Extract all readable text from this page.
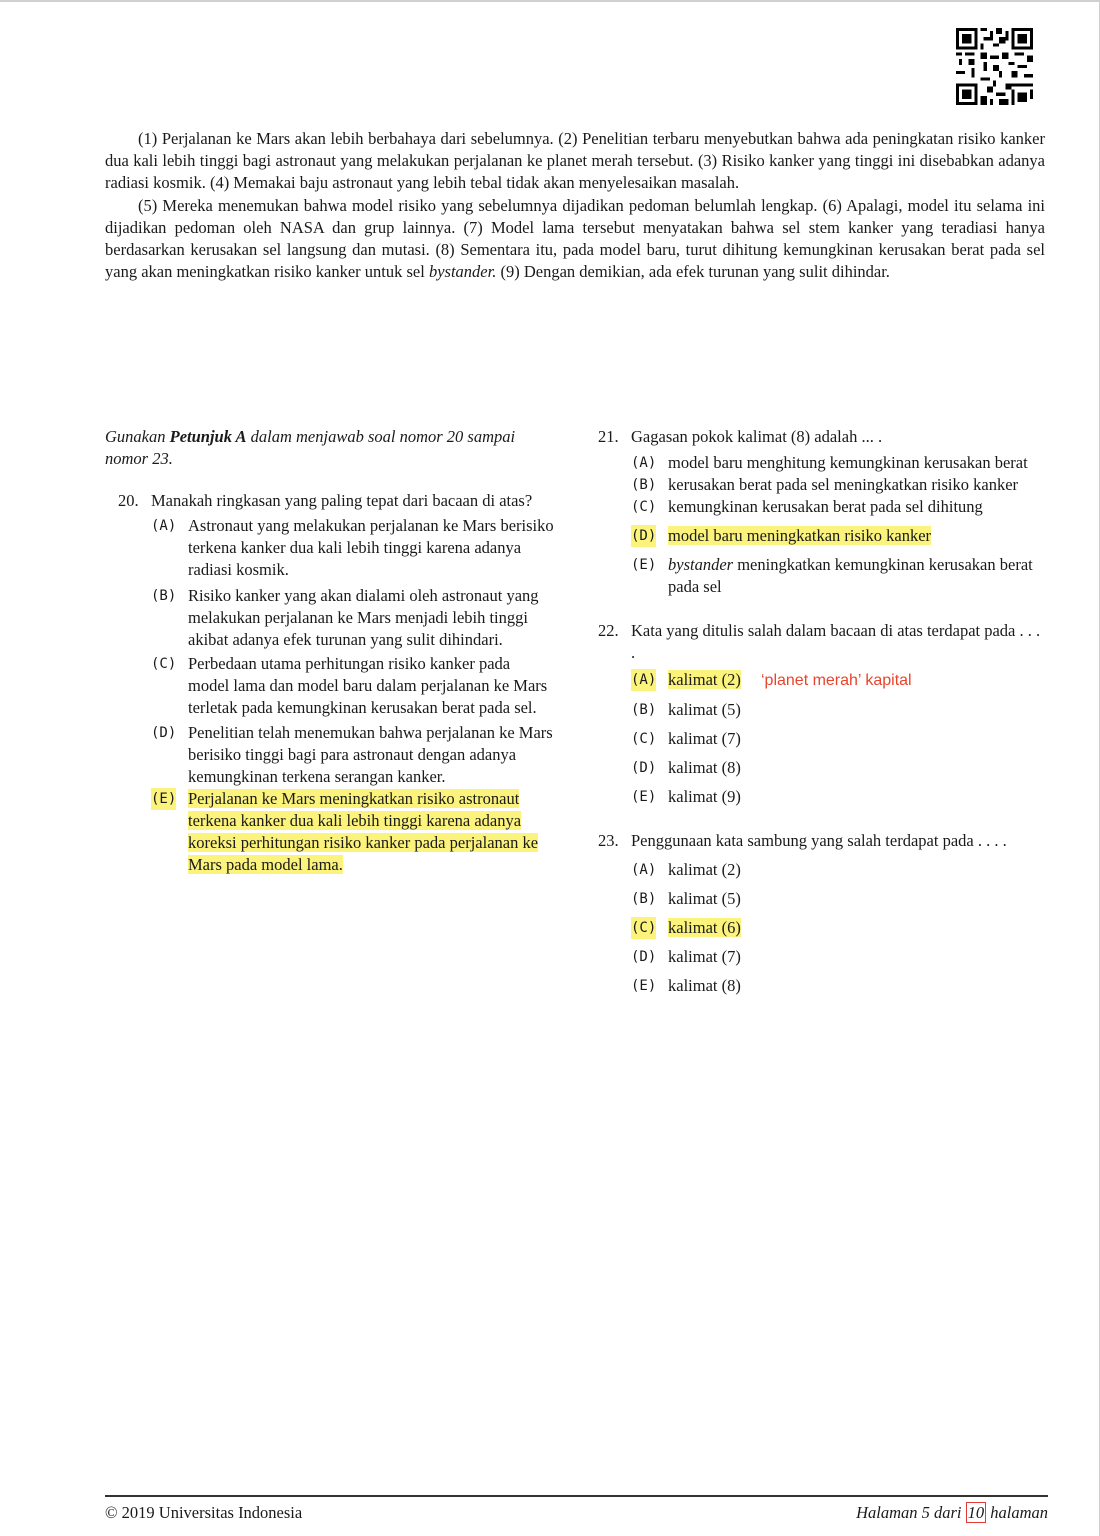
(1) Perjalanan ke Mars akan lebih berbahaya dari sebelumnya. (2) Penelitian terbaru menyebutkan bahwa ada peningkatan risiko kanker dua kali lebih tinggi bagi astronaut yang melakukan perjalanan ke planet merah tersebut. (3) Risiko kanker yang tinggi ini disebabkan adanya radiasi kosmik. (4) Memakai baju astronaut yang lebih tebal tidak akan menyelesaikan masalah.

(5) Mereka menemukan bahwa model risiko yang sebelumnya dijadikan pedoman belumlah lengkap. (6) Apalagi, model itu selama ini dijadikan pedoman oleh NASA dan grup lainnya. (7) Model lama tersebut menyatakan bahwa sel stem kanker yang teradiasi hanya berdasarkan kerusakan sel langsung dan mutasi. (8) Sementara itu, pada model baru, turut dihitung kemungkinan kerusakan berat pada sel yang akan meningkatkan risiko kanker untuk sel bystander. (9) Dengan demikian, ada efek turunan yang sulit dihindar.

Gunakan Petunjuk A dalam menjawab soal nomor 20 sampai nomor 23.
20. Manakah ringkasan yang paling tepat dari bacaan di atas?
(A) Astronaut yang melakukan perjalanan ke Mars berisiko terkena kanker dua kali lebih tinggi karena adanya radiasi kosmik.
(B) Risiko kanker yang akan dialami oleh astronaut yang melakukan perjalanan ke Mars menjadi lebih tinggi akibat adanya efek turunan yang sulit dihindari.
(C) Perbedaan utama perhitungan risiko kanker pada model lama dan model baru dalam perjalanan ke Mars terletak pada kemungkinan kerusakan berat pada sel.
(D) Penelitian telah menemukan bahwa perjalanan ke Mars berisiko tinggi bagi para astronaut dengan adanya kemungkinan terkena serangan kanker.
(E) Perjalanan ke Mars meningkatkan risiko astronaut terkena kanker dua kali lebih tinggi karena adanya koreksi perhitungan risiko kanker pada perjalanan ke Mars pada model lama.
21. Gagasan pokok kalimat (8) adalah ... .
(A) model baru menghitung kemungkinan kerusakan berat
(B) kerusakan berat pada sel meningkatkan risiko kanker
(C) kemungkinan kerusakan berat pada sel dihitung
(D) model baru meningkatkan risiko kanker
(E) bystander meningkatkan kemungkinan kerusakan berat pada sel
22. Kata yang ditulis salah dalam bacaan di atas terdapat pada . . . .
(A) kalimat (2) ‘planet merah’ kapital
(B) kalimat (5)
(C) kalimat (7)
(D) kalimat (8)
(E) kalimat (9)
23. Penggunaan kata sambung yang salah terdapat pada . . . .
(A) kalimat (2)
(B) kalimat (5)
(C) kalimat (6)
(D) kalimat (7)
(E) kalimat (8)
© 2019 Universitas Indonesia	Halaman 5 dari 10 halaman
